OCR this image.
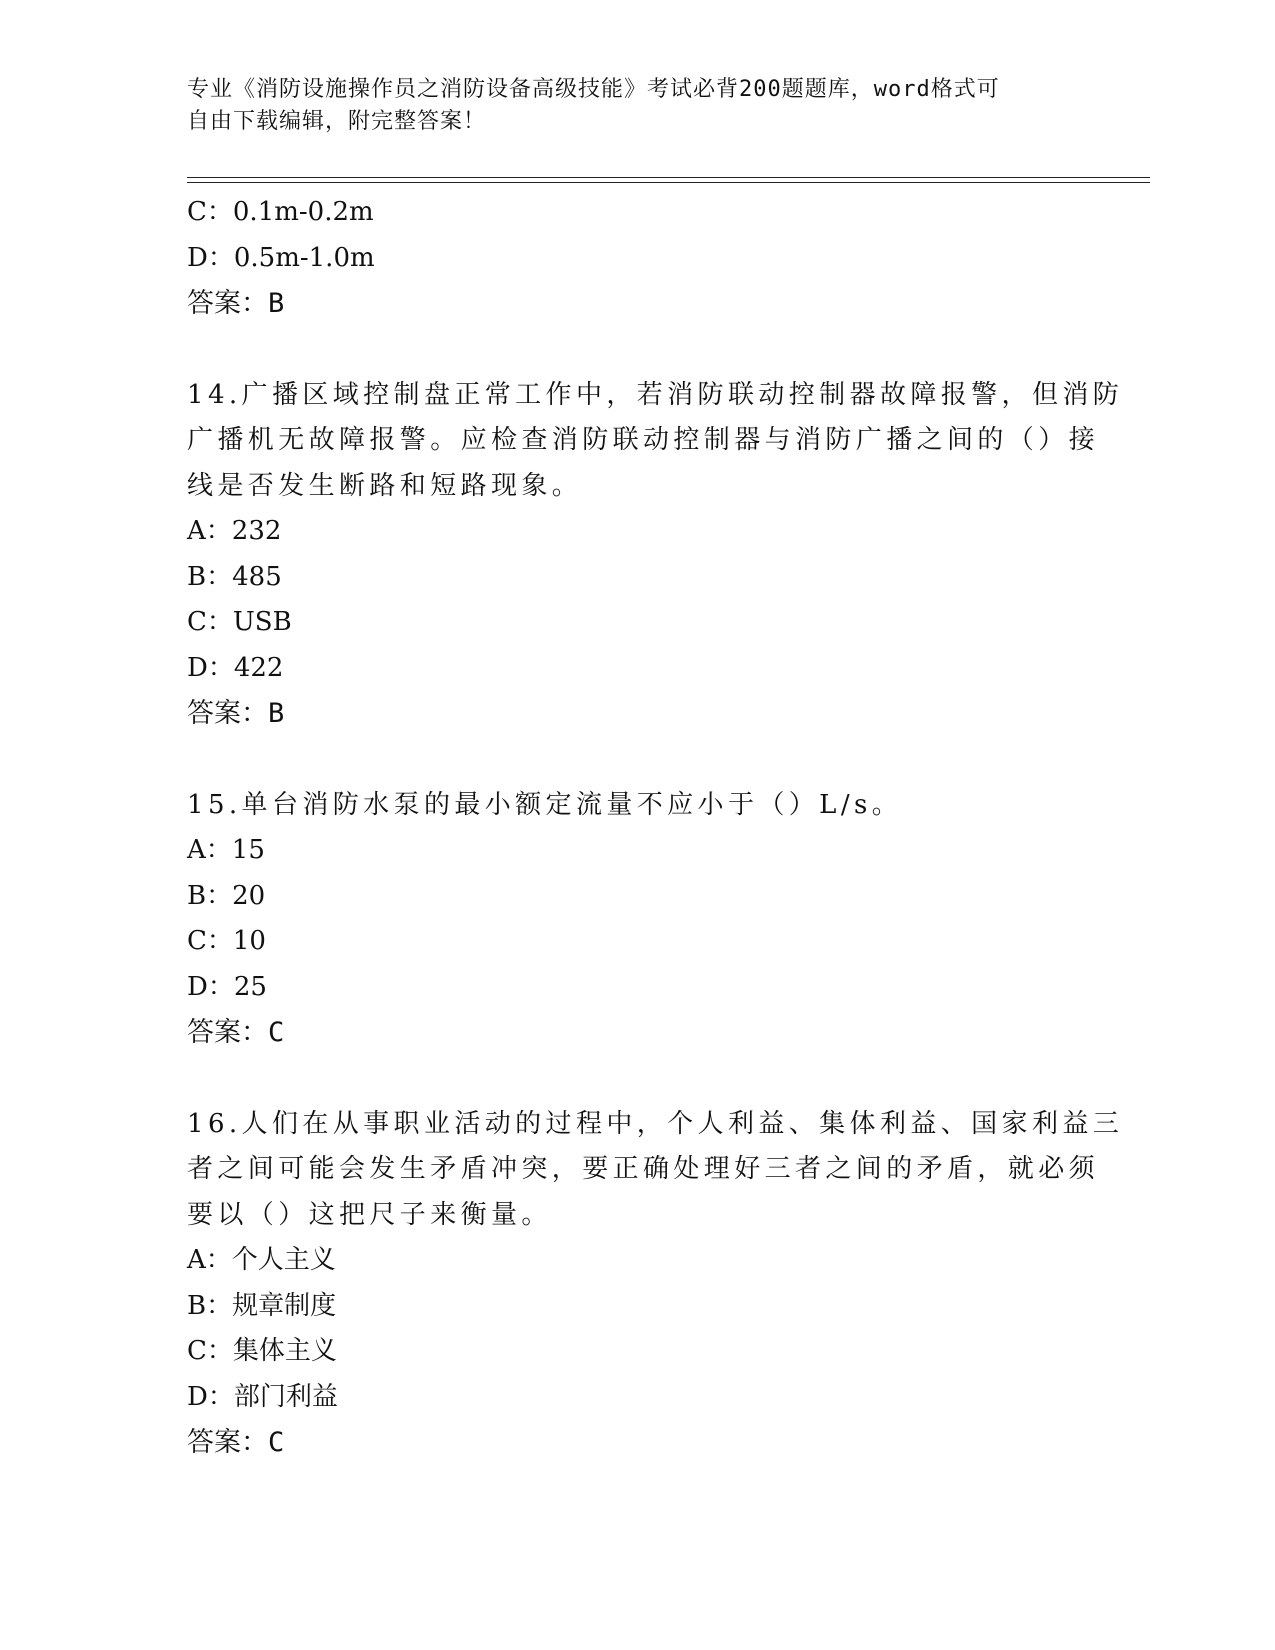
专业《消防设施操作员之消防设备高级技能》考试必背200题题库，word格式可
自由下载编辑，附完整答案！
C：0.1m-0.2m
D：0.5m-1.0m
答案：B
14.广播区域控制盘正常工作中，若消防联动控制器故障报警，但消防
广播机无故障报警。应检查消防联动控制器与消防广播之间的（）接
线是否发生断路和短路现象。
A：232
B：485
C：USB
D：422
答案：B
15.单台消防水泵的最小额定流量不应小于（）L/s。
A：15
B：20
C：10
D：25
答案：C
16.人们在从事职业活动的过程中，个人利益、集体利益、国家利益三
者之间可能会发生矛盾冲突，要正确处理好三者之间的矛盾，就必须
要以（）这把尺子来衡量。
A：个人主义
B：规章制度
C：集体主义
D：部门利益
答案：C
